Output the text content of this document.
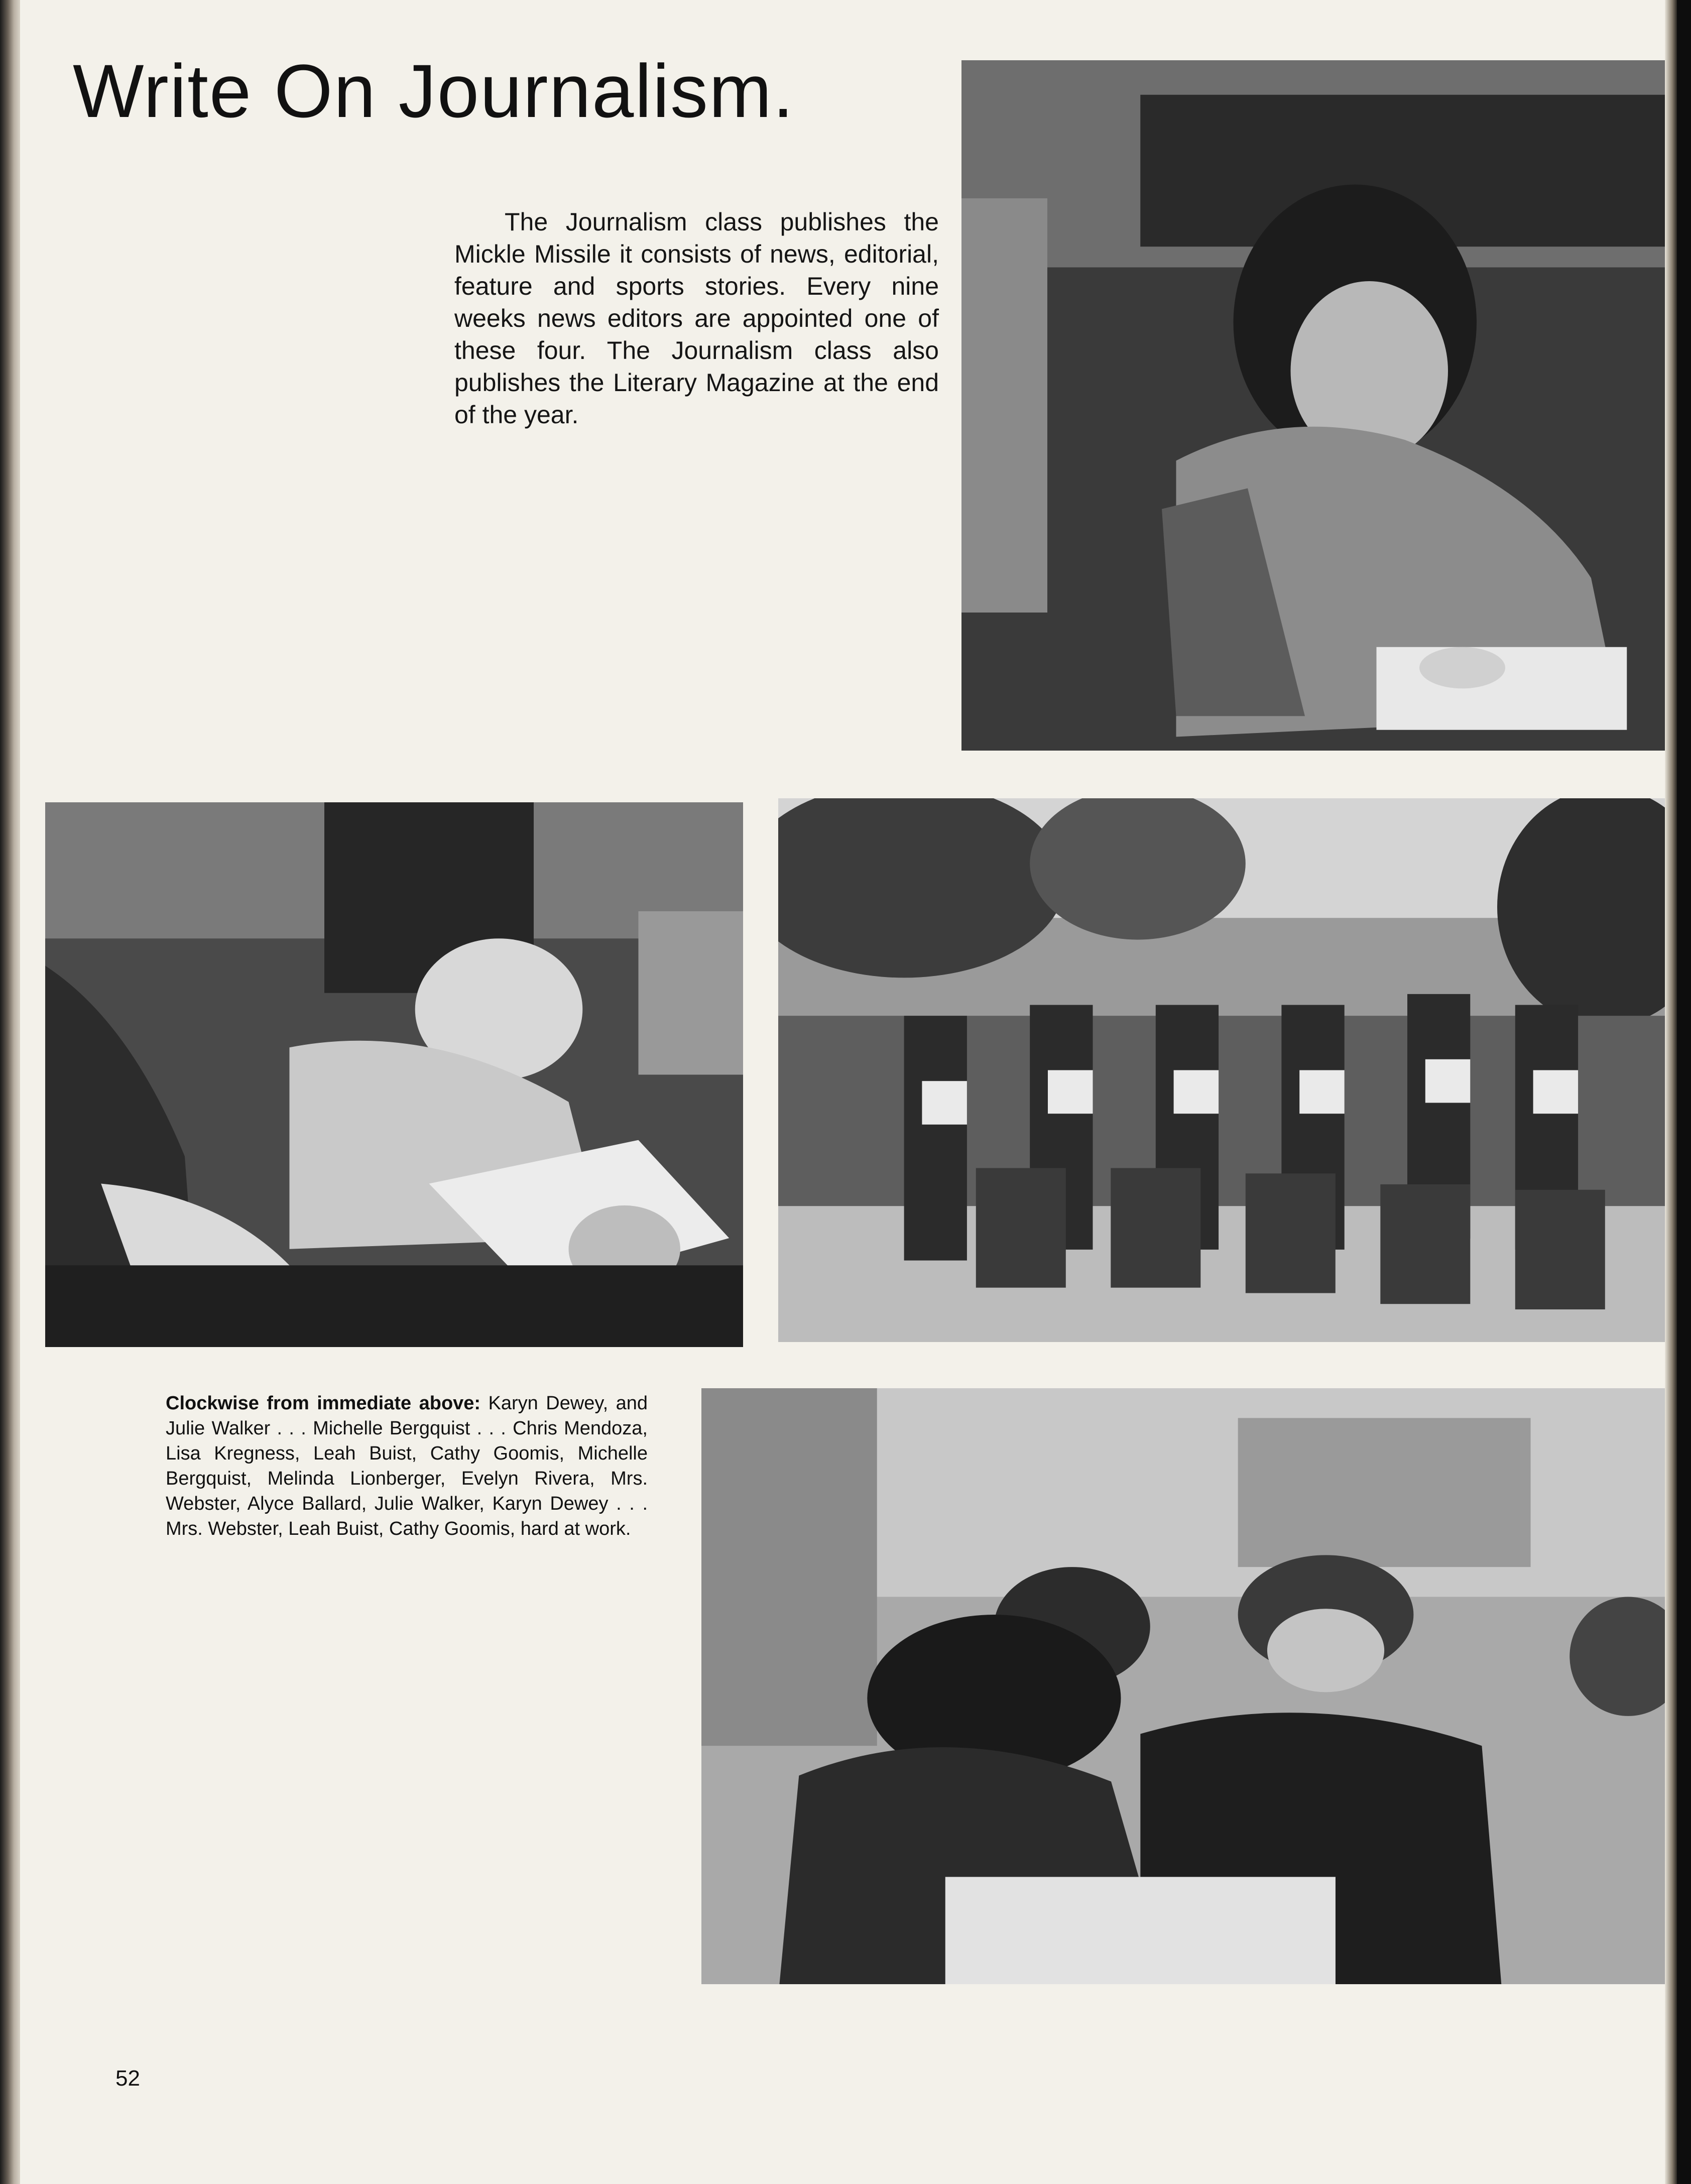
Write On Journalism.

The Journalism class publishes the Mickle Missile it consists of news, editorial, feature and sports stories. Every nine weeks news editors are appointed one of these four. The Journalism class also publishes the Literary Magazine at the end of the year.

Clockwise from immediate above: Karyn Dewey, and Julie Walker . . . Michelle Bergquist . . . Chris Mendoza, Lisa Kregness, Leah Buist, Cathy Goomis, Michelle Bergquist, Melinda Lionberger, Evelyn Rivera, Mrs. Webster, Alyce Ballard, Julie Walker, Karyn Dewey . . . Mrs. Webster, Leah Buist, Cathy Goomis, hard at work.

52
